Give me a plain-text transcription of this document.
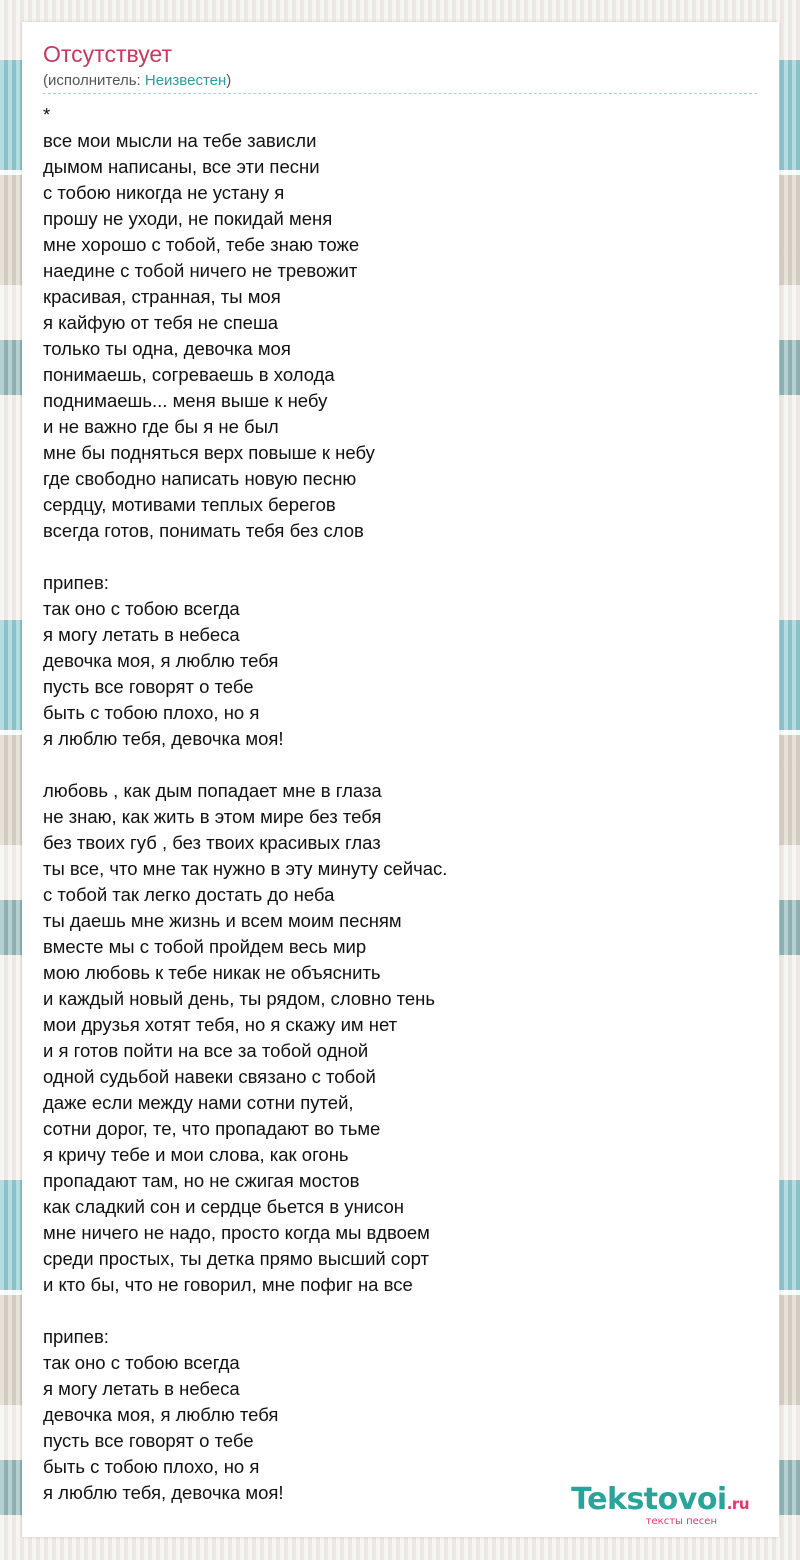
Отсутствует
(исполнитель: Неизвестен)
*
все мои мысли на тебе зависли
дымом написаны, все эти песни
с тобою никогда не устану я
прошу не уходи, не покидай меня
мне хорошо с тобой, тебе знаю тоже
наедине с тобой ничего не тревожит
красивая, странная, ты моя
я кайфую от тебя не спеша
только ты одна, девочка моя
понимаешь, согреваешь в холода
поднимаешь... меня выше к небу
и не важно где бы я не был
мне бы подняться верх повыше к небу
где свободно написать новую песню
сердцу, мотивами теплых берегов
всегда готов, понимать тебя без слов

припев:
так оно с тобою всегда
я могу летать в небеса
девочка моя, я люблю тебя
пусть все говорят о тебе
быть с тобою плохо, но я
я люблю тебя, девочка моя!

любовь , как дым попадает мне в глаза
не знаю, как жить в этом мире без тебя
без твоих губ , без твоих красивых глаз
ты все, что мне так нужно в эту минуту сейчас.
с тобой так легко достать до неба
ты даешь мне жизнь и всем моим песням
вместе мы с тобой пройдем весь мир
мою любовь к тебе никак не объяснить
и каждый новый день, ты рядом, словно тень
мои друзья хотят тебя, но я скажу им нет
и я готов пойти на все за тобой одной
одной судьбой навеки связано с тобой
даже если между нами сотни путей,
сотни дорог, те, что пропадают во тьме
я кричу тебе и мои слова, как огонь
пропадают там, но не сжигая мостов
как сладкий сон и сердце бьется в унисон
мне ничего не надо, просто когда мы вдвоем
среди простых, ты детка прямо высший сорт
и кто бы, что не говорил, мне пофиг на все

припев:
так оно с тобою всегда
я могу летать в небеса
девочка моя, я люблю тебя
пусть все говорят о тебе
быть с тобою плохо, но я
я люблю тебя, девочка моя!	Tekstovoi.ru
тексты песен
